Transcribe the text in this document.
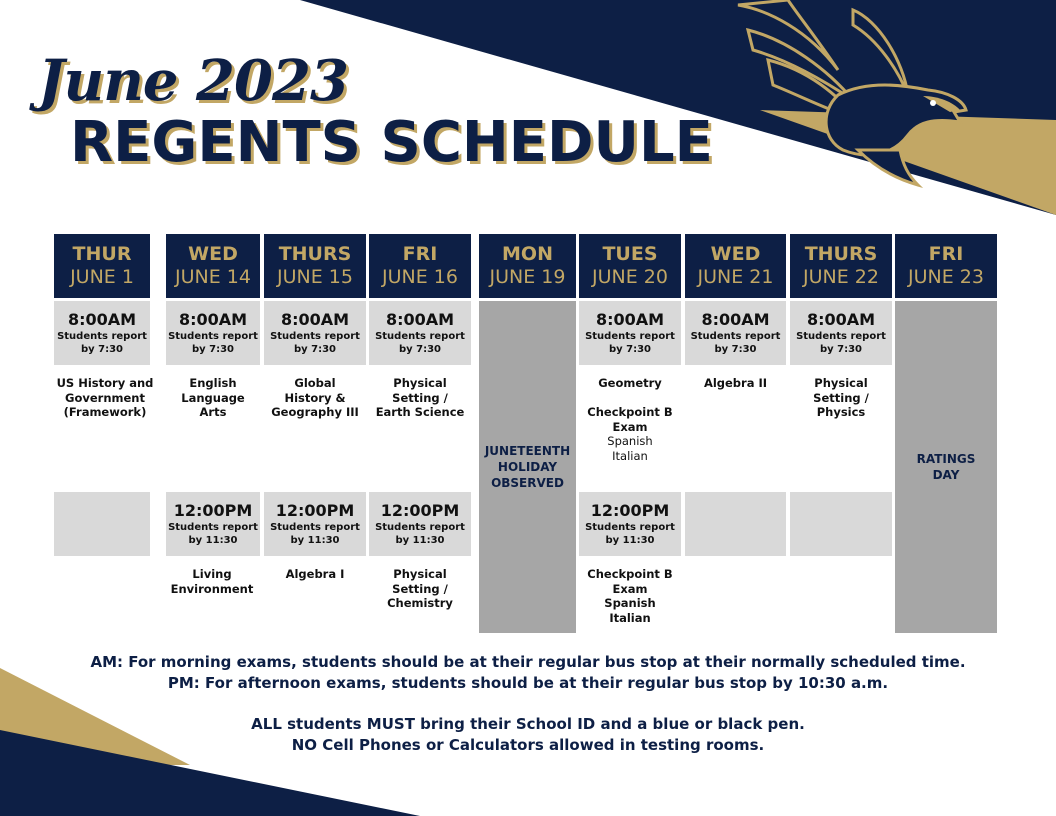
June 2023
REGENTS SCHEDULE
THUR
JUNE 1
WED
JUNE 14
THURS
JUNE 15
FRI
JUNE 16
MON
JUNE 19
TUES
JUNE 20
WED
JUNE 21
THURS
JUNE 22
FRI
JUNE 23
8:00AM
Students report
by 7:30
8:00AM
Students report
by 7:30
8:00AM
Students report
by 7:30
8:00AM
Students report
by 7:30
8:00AM
Students report
by 7:30
8:00AM
Students report
by 7:30
8:00AM
Students report
by 7:30
JUNETEENTH
HOLIDAY
OBSERVED
RATINGS
DAY
US History and
Government
(Framework)
English
Language
Arts
Global
History &
Geography III
Physical
Setting /
Earth Science
Geometry

Checkpoint B
Exam
Spanish
Italian
Algebra II	Physical
Setting /
Physics
12:00PM
Students report
by 11:30
12:00PM
Students report
by 11:30
12:00PM
Students report
by 11:30
12:00PM
Students report
by 11:30
Living
Environment
Algebra I	Physical
Setting /
Chemistry
Checkpoint B
Exam
Spanish
Italian

AM: For morning exams, students should be at their regular bus stop at their normally scheduled time.

PM: For afternoon exams, students should be at their regular bus stop by 10:30 a.m.

ALL students MUST bring their School ID and a blue or black pen.

NO Cell Phones or Calculators allowed in testing rooms.
